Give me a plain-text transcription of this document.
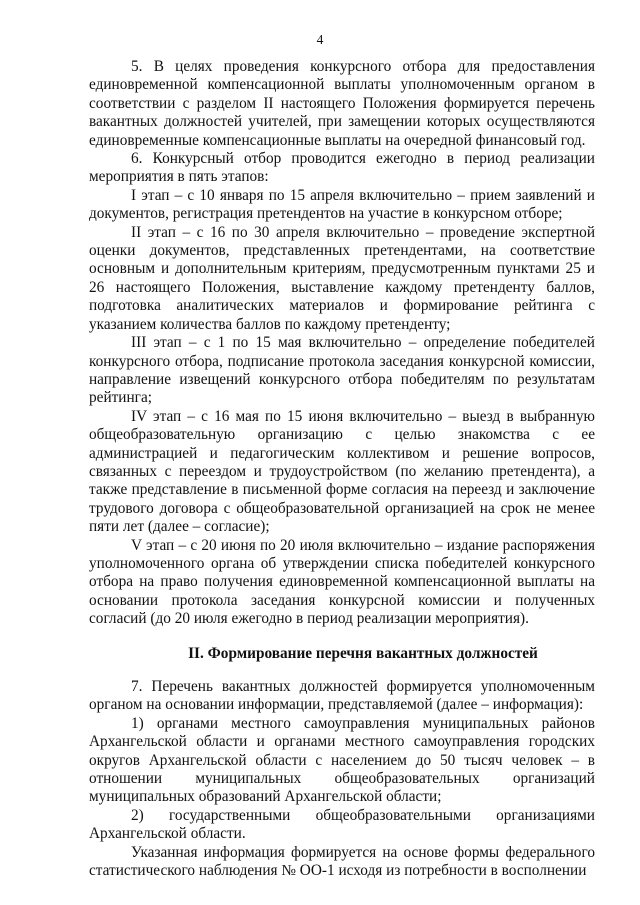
4

5. В целях проведения конкурсного отбора для предоставления единовременной компенсационной выплаты уполномоченным органом в соответствии с разделом II настоящего Положения формируется перечень вакантных должностей учителей, при замещении которых осуществляются единовременные компенсационные выплаты на очередной финансовый год.

6. Конкурсный отбор проводится ежегодно в период реализации мероприятия в пять этапов:

I этап – с 10 января по 15 апреля включительно – прием заявлений и документов, регистрация претендентов на участие в конкурсном отборе;

II этап – с 16 по 30 апреля включительно – проведение экспертной оценки документов, представленных претендентами, на соответствие основным и дополнительным критериям, предусмотренным пунктами 25 и 26 настоящего Положения, выставление каждому претенденту баллов, подготовка аналитических материалов и формирование рейтинга с указанием количества баллов по каждому претенденту;

III этап – с 1 по 15 мая включительно – определение победителей конкурсного отбора, подписание протокола заседания конкурсной комиссии, направление извещений конкурсного отбора победителям по результатам рейтинга;

IV этап – с 16 мая по 15 июня включительно – выезд в выбранную общеобразовательную организацию с целью знакомства с ее администрацией и педагогическим коллективом и решение вопросов, связанных с переездом и трудоустройством (по желанию претендента), а также представление в письменной форме согласия на переезд и заключение трудового договора с общеобразовательной организацией на срок не менее пяти лет (далее – согласие);

V этап – с 20 июня по 20 июля включительно – издание распоряжения уполномоченного органа об утверждении списка победителей конкурсного отбора на право получения единовременной компенсационной выплаты на основании протокола заседания конкурсной комиссии и полученных согласий (до 20 июля ежегодно в период реализации мероприятия).

II. Формирование перечня вакантных должностей

7. Перечень вакантных должностей формируется уполномоченным органом на основании информации, представляемой (далее – информация):

1) органами местного самоуправления муниципальных районов Архангельской области и органами местного самоуправления городских округов Архангельской области с населением до 50 тысяч человек – в отношении муниципальных общеобразовательных организаций муниципальных образований Архангельской области;

2) государственными общеобразовательными организациями Архангельской области.

Указанная информация формируется на основе формы федерального статистического наблюдения № ОО-1 исходя из потребности в восполнении
